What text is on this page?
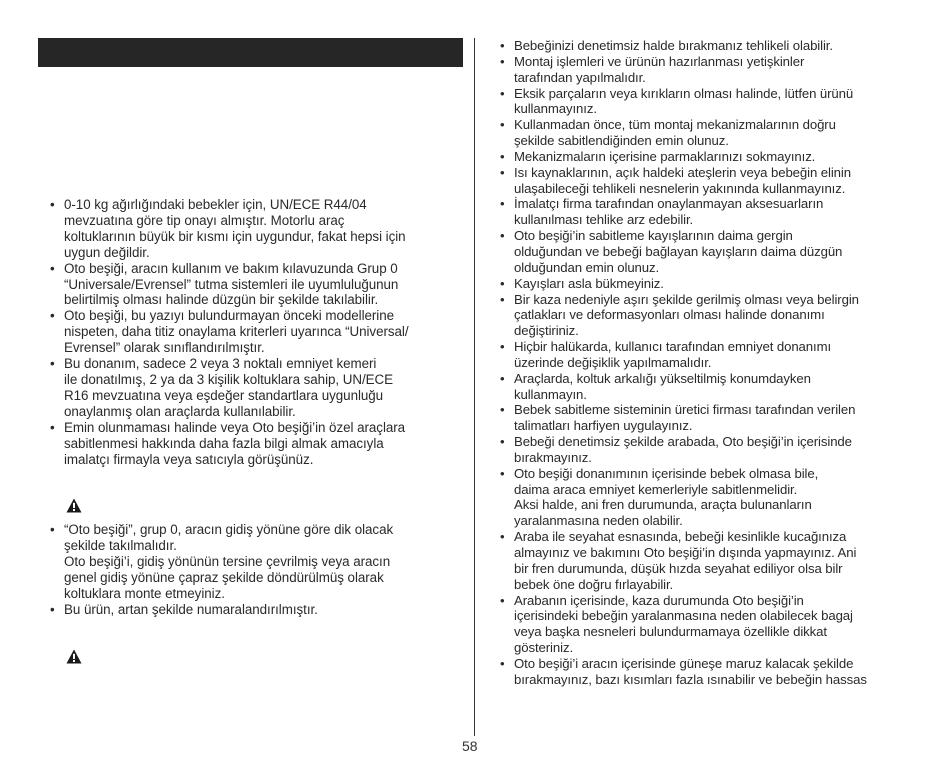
• 0-10 kg ağırlığındaki bebekler için, UN/ECE R44/04
mevzuatına göre tip onayı almıştır. Motorlu araç
koltuklarının büyük bir kısmı için uygundur, fakat hepsi için
uygun değildir.
• Oto beşiği, aracın kullanım ve bakım kılavuzunda Grup 0
“Universale/Evrensel” tutma sistemleri ile uyumluluğunun
belirtilmiş olması halinde düzgün bir şekilde takılabilir.
• Oto beşiği, bu yazıyı bulundurmayan önceki modellerine
nispeten, daha titiz onaylama kriterleri uyarınca “Universal/
Evrensel” olarak sınıflandırılmıştır.
• Bu donanım, sadece 2 veya 3 noktalı emniyet kemeri
ile donatılmış, 2 ya da 3 kişilik koltuklara sahip, UN/ECE
R16 mevzuatına veya eşdeğer standartlara uygunluğu
onaylanmış olan araçlarda kullanılabilir.
• Emin olunmaması halinde veya Oto beşiği’in özel araçlara
sabitlenmesi hakkında daha fazla bilgi almak amacıyla
imalatçı firmayla veya satıcıyla görüşünüz.
• “Oto beşiği”, grup 0, aracın gidiş yönüne göre dik olacak
şekilde takılmalıdır.
Oto beşiği’i, gidiş yönünün tersine çevrilmiş veya aracın
genel gidiş yönüne çapraz şekilde döndürülmüş olarak
koltuklara monte etmeyiniz.
• Bu ürün, artan şekilde numaralandırılmıştır.
• Bebeğinizi denetimsiz halde bırakmanız tehlikeli olabilir.
• Montaj işlemleri ve ürünün hazırlanması yetişkinler
tarafından yapılmalıdır.
• Eksik parçaların veya kırıkların olması halinde, lütfen ürünü
kullanmayınız.
• Kullanmadan önce, tüm montaj mekanizmalarının doğru
şekilde sabitlendiğinden emin olunuz.
• Mekanizmaların içerisine parmaklarınızı sokmayınız.
• Isı kaynaklarının, açık haldeki ateşlerin veya bebeğin elinin
ulaşabileceği tehlikeli nesnelerin yakınında kullanmayınız.
• İmalatçı firma tarafından onaylanmayan aksesuarların
kullanılması tehlike arz edebilir.
• Oto beşiği’in sabitleme kayışlarının daima gergin
olduğundan ve bebeği bağlayan kayışların daima düzgün
olduğundan emin olunuz.
• Kayışları asla bükmeyiniz.
• Bir kaza nedeniyle aşırı şekilde gerilmiş olması veya belirgin
çatlakları ve deformasyonları olması halinde donanımı
değiştiriniz.
• Hiçbir halükarda, kullanıcı tarafından emniyet donanımı
üzerinde değişiklik yapılmamalıdır.
• Araçlarda, koltuk arkalığı yükseltilmiş konumdayken
kullanmayın.
• Bebek sabitleme sisteminin üretici firması tarafından verilen
talimatları harfiyen uygulayınız.
• Bebeği denetimsiz şekilde arabada, Oto beşiği’in içerisinde
bırakmayınız.
• Oto beşiği donanımının içerisinde bebek olmasa bile,
daima araca emniyet kemerleriyle sabitlenmelidir.
Aksi halde, ani fren durumunda, araçta bulunanların
yaralanmasına neden olabilir.
• Araba ile seyahat esnasında, bebeği kesinlikle kucağınıza
almayınız ve bakımını Oto beşiği’in dışında yapmayınız. Ani
bir fren durumunda, düşük hızda seyahat ediliyor olsa bilr
bebek öne doğru fırlayabilir.
• Arabanın içerisinde, kaza durumunda Oto beşiği’in
içerisindeki bebeğin yaralanmasına neden olabilecek bagaj
veya başka nesneleri bulundurmamaya özellikle dikkat
gösteriniz.
• Oto beşiği’i aracın içerisinde güneşe maruz kalacak şekilde
bırakmayınız, bazı kısımları fazla ısınabilir ve bebeğin hassas
58
